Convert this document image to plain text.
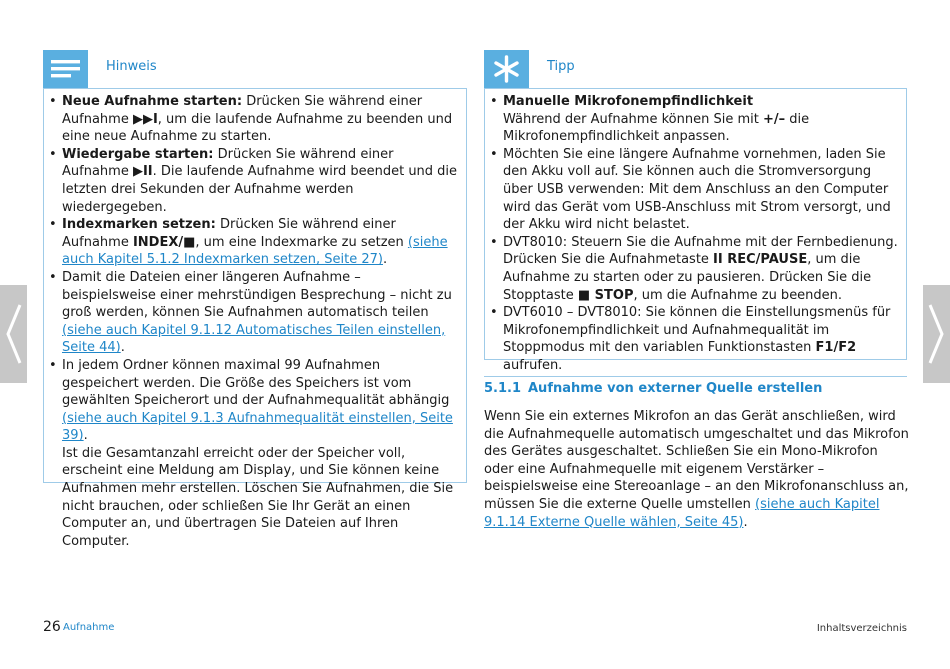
Hinweis
• Neue Aufnahme starten: Drücken Sie während einer Aufnahme ▶▶I, um die laufende Aufnahme zu beenden und eine neue Aufnahme zu starten.
• Wiedergabe starten: Drücken Sie während einer Aufnahme ▶II. Die laufende Aufnahme wird beendet und die letzten drei Sekunden der Aufnahme werden wiedergegeben.
• Indexmarken setzen: Drücken Sie während einer Aufnahme INDEX/■, um eine Indexmarke zu setzen (siehe auch Kapitel 5.1.2 Indexmarken setzen, Seite 27).
• Damit die Dateien einer längeren Aufnahme – beispielsweise einer mehrstündigen Besprechung – nicht zu groß werden, können Sie Aufnahmen automatisch teilen (siehe auch Kapitel 9.1.12 Automatisches Teilen einstellen, Seite 44).
• In jedem Ordner können maximal 99 Aufnahmen gespeichert werden. Die Größe des Speichers ist vom gewählten Speicherort und der Aufnahmequalität abhängig (siehe auch Kapitel 9.1.3 Aufnahmequalität einstellen, Seite 39).
Ist die Gesamtanzahl erreicht oder der Speicher voll, erscheint eine Meldung am Display, und Sie können keine Aufnahmen mehr erstellen. Löschen Sie Aufnahmen, die Sie nicht brauchen, oder schließen Sie Ihr Gerät an einen Computer an, und übertragen Sie Dateien auf Ihren Computer.
Tipp
• Manuelle Mikrofonempfindlichkeit
Während der Aufnahme können Sie mit +/– die Mikrofonempfindlichkeit anpassen.
• Möchten Sie eine längere Aufnahme vornehmen, laden Sie den Akku voll auf. Sie können auch die Stromversorgung über USB verwenden: Mit dem Anschluss an den Computer wird das Gerät vom USB-Anschluss mit Strom versorgt, und der Akku wird nicht belastet.
• DVT8010: Steuern Sie die Aufnahme mit der Fernbedienung. Drücken Sie die Aufnahmetaste II REC/PAUSE, um die Aufnahme zu starten oder zu pausieren. Drücken Sie die Stopptaste ■ STOP, um die Aufnahme zu beenden.
• DVT6010 – DVT8010: Sie können die Einstellungsmenüs für Mikrofonempfindlichkeit und Aufnahmequalität im Stoppmodus mit den variablen Funktionstasten F1/F2 aufrufen.
5.1.1 Aufnahme von externer Quelle erstellen
Wenn Sie ein externes Mikrofon an das Gerät anschließen, wird die Aufnahmequelle automatisch umgeschaltet und das Mikrofon des Gerätes ausgeschaltet. Schließen Sie ein Mono-Mikrofon oder eine Aufnahmequelle mit eigenem Verstärker – beispielsweise eine Stereoanlage – an den Mikrofonanschluss an, müssen Sie die externe Quelle umstellen (siehe auch Kapitel 9.1.14 Externe Quelle wählen, Seite 45).
26 Aufnahme	Inhaltsverzeichnis
